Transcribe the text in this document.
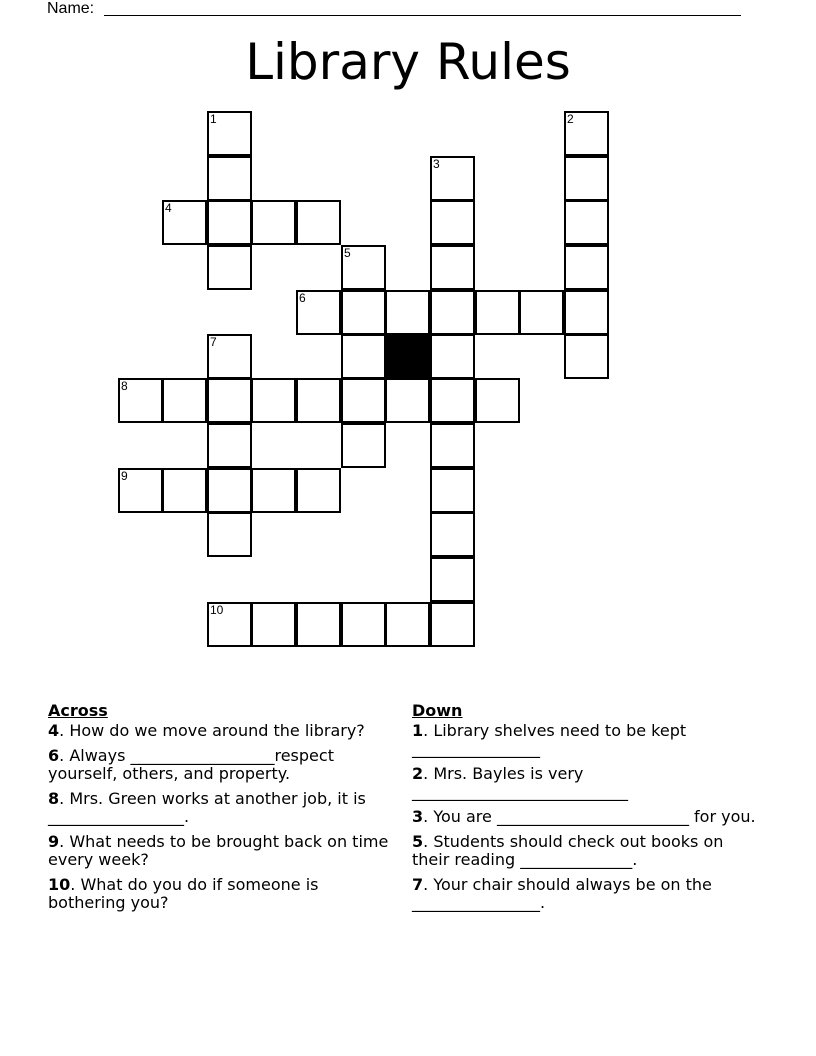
Name:
Library Rules
1	2
3
4
5
6
7
8
9
10
Across
4. How do we move around the library?
6. Always __________________respect yourself, others, and property.
8. Mrs. Green works at another job, it is _________________.
9. What needs to be brought back on time every week?
10. What do you do if someone is bothering you?
Down
1. Library shelves need to be kept ________________
2. Mrs. Bayles is very ___________________________
3. You are ________________________ for you.
5. Students should check out books on their reading ______________.
7. Your chair should always be on the ________________.
